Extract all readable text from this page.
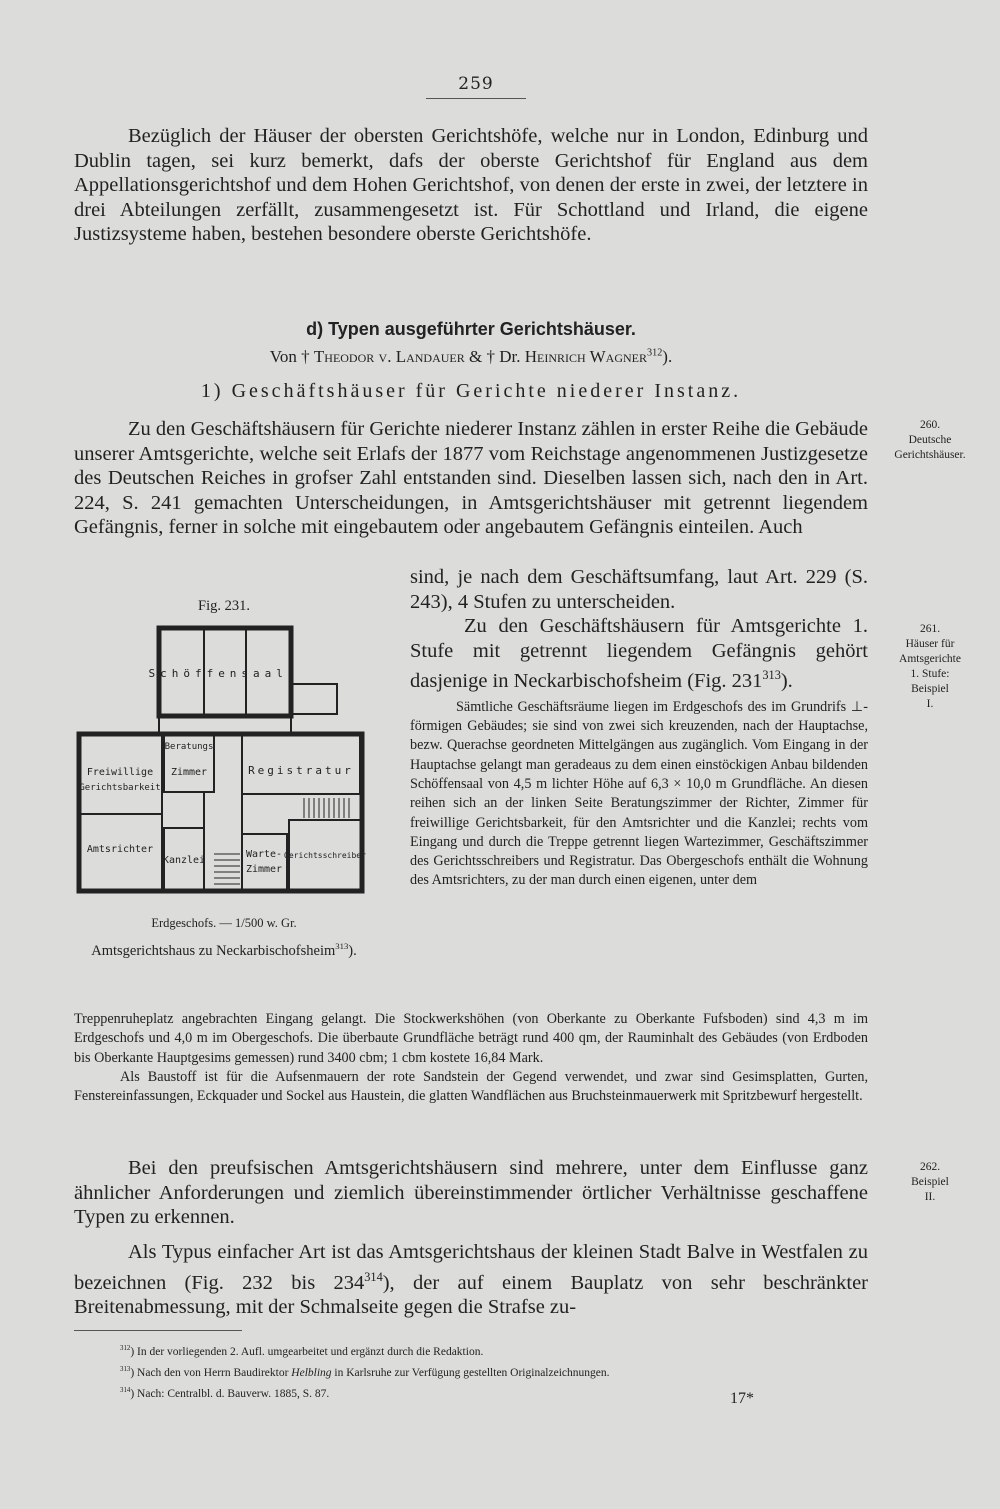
259

Bezüglich der Häuser der obersten Gerichtshöfe, welche nur in London, Edinburg und Dublin tagen, sei kurz bemerkt, dafs der oberste Gerichtshof für England aus dem Appellationsgerichtshof und dem Hohen Gerichtshof, von denen der erste in zwei, der letztere in drei Abteilungen zerfällt, zusammengesetzt ist. Für Schottland und Irland, die eigene Justizsysteme haben, bestehen besondere oberste Gerichtshöfe.

d) Typen ausgeführter Gerichtshäuser.
Von † Theodor v. Landauer & † Dr. Heinrich Wagner$^{312}$).
1) Geschäftshäuser für Gerichte niederer Instanz.

Zu den Geschäftshäusern für Gerichte niederer Instanz zählen in erster Reihe die Gebäude unserer Amtsgerichte, welche seit Erlafs der 1877 vom Reichstage angenommenen Justizgesetze des Deutschen Reiches in grofser Zahl entstanden sind. Dieselben lassen sich, nach den in Art. 224, S. 241 gemachten Unterscheidungen, in Amtsgerichtshäuser mit getrennt liegendem Gefängnis, ferner in solche mit eingebautem oder angebautem Gefängnis einteilen. Auch

260.
Deutsche
Gerichtshäuser.
Fig. 231.
Schöffensaal.
Beratungs
Zimmer
Freiwillige
Gerichtsbarkeit
Registratur
Amtsrichter
Kanzlei
Warte-
Zimmer
Gerichtsschreiber
Erdgeschofs. — 1/500 w. Gr.
Amtsgerichtshaus zu Neckarbischofsheim$^{313}$).

sind, je nach dem Geschäftsumfang, laut Art. 229 (S. 243), 4 Stufen zu unterscheiden.

Zu den Geschäftshäusern für Amtsgerichte 1. Stufe mit getrennt liegendem Gefängnis gehört dasjenige in Neckarbischofsheim (Fig. $231^{313}$).

Sämtliche Geschäftsräume liegen im Erdgeschofs des im Grundrifs ⊥-förmigen Gebäudes; sie sind von zwei sich kreuzenden, nach der Hauptachse, bezw. Querachse geordneten Mittelgängen aus zugänglich. Vom Eingang in der Hauptachse gelangt man geradeaus zu dem einen einstöckigen Anbau bildenden Schöffensaal von 4,5 m lichter Höhe auf 6,3 × 10,0 m Grundfläche. An diesen reihen sich an der linken Seite Beratungszimmer der Richter, Zimmer für freiwillige Gerichtsbarkeit, für den Amtsrichter und die Kanzlei; rechts vom Eingang und durch die Treppe getrennt liegen Wartezimmer, Geschäftszimmer des Gerichtsschreibers und Registratur. Das Obergeschofs enthält die Wohnung des Amtsrichters, zu der man durch einen eigenen, unter dem

261.
Häuser für
Amtsgerichte
1. Stufe:
Beispiel
I.

Treppenruheplatz angebrachten Eingang gelangt. Die Stockwerkshöhen (von Oberkante zu Oberkante Fufsboden) sind 4,3 m im Erdgeschofs und 4,0 m im Obergeschofs. Die überbaute Grundfläche beträgt rund 400 qm, der Rauminhalt des Gebäudes (von Erdboden bis Oberkante Hauptgesims gemessen) rund 3400 cbm; 1 cbm kostete 16,84 Mark.

Als Baustoff ist für die Aufsenmauern der rote Sandstein der Gegend verwendet, und zwar sind Gesimsplatten, Gurten, Fenstereinfassungen, Eckquader und Sockel aus Haustein, die glatten Wandflächen aus Bruchsteinmauerwerk mit Spritzbewurf hergestellt.

Bei den preufsischen Amtsgerichtshäusern sind mehrere, unter dem Einflusse ganz ähnlicher Anforderungen und ziemlich übereinstimmender örtlicher Verhältnisse geschaffene Typen zu erkennen.

262.
Beispiel
II.

Als Typus einfacher Art ist das Amtsgerichtshaus der kleinen Stadt Balve in Westfalen zu bezeichnen (Fig. 232 bis $234^{314}$), der auf einem Bauplatz von sehr beschränkter Breitenabmessung, mit der Schmalseite gegen die Strafse zu-

$^{312}$) In der vorliegenden 2. Aufl. umgearbeitet und ergänzt durch die Redaktion.
$^{313}$) Nach den von Herrn Baudirektor Helbling in Karlsruhe zur Verfügung gestellten Originalzeichnungen.
$^{314}$) Nach: Centralbl. d. Bauverw. 1885, S. 87.	17*
